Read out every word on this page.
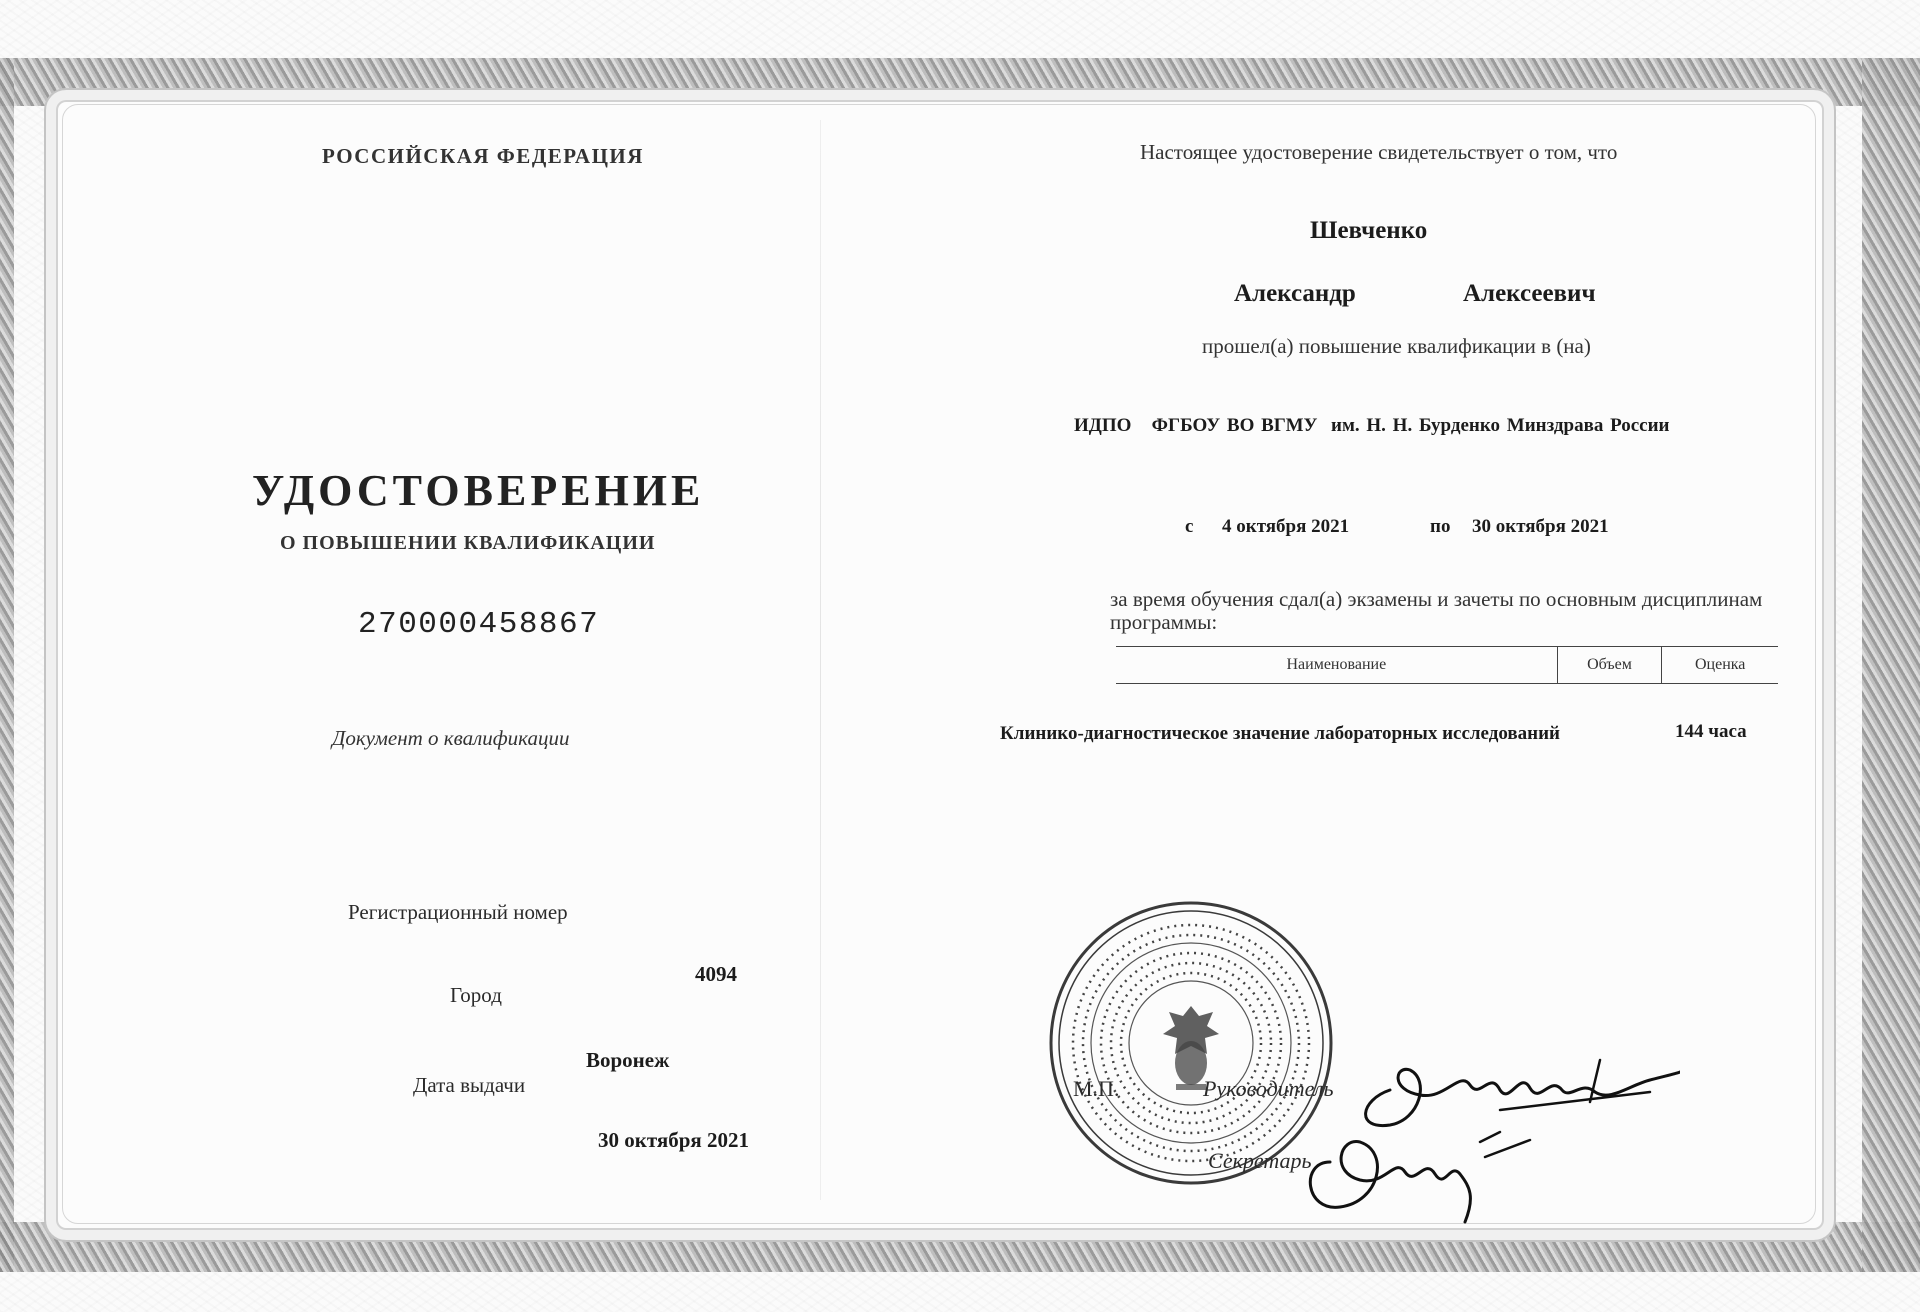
РОССИЙСКАЯ ФЕДЕРАЦИЯ
УДОСТОВЕРЕНИЕ
О ПОВЫШЕНИИ КВАЛИФИКАЦИИ
270000458867
Документ о квалификации
Регистрационный номер
4094
Город
Воронеж
Дата выдачи
30 октября 2021
Настоящее удостоверение свидетельствует о том, что
Шевченко
Александр	Алексеевич
прошел(а) повышение квалификации в (на)
ИДПО   ФГБОУ ВО ВГМУ  им. Н. Н. Бурденко Минздрава России
с 4 октября 2021	по 30 октября 2021
за время обучения сдал(а) экзамены и зачеты по основным дисциплинам программы:
Наименование	Объем	Оценка
Клинико-диагностическое значение лабораторных исследований	144 часа
М.П.	Руководитель
Секретарь
